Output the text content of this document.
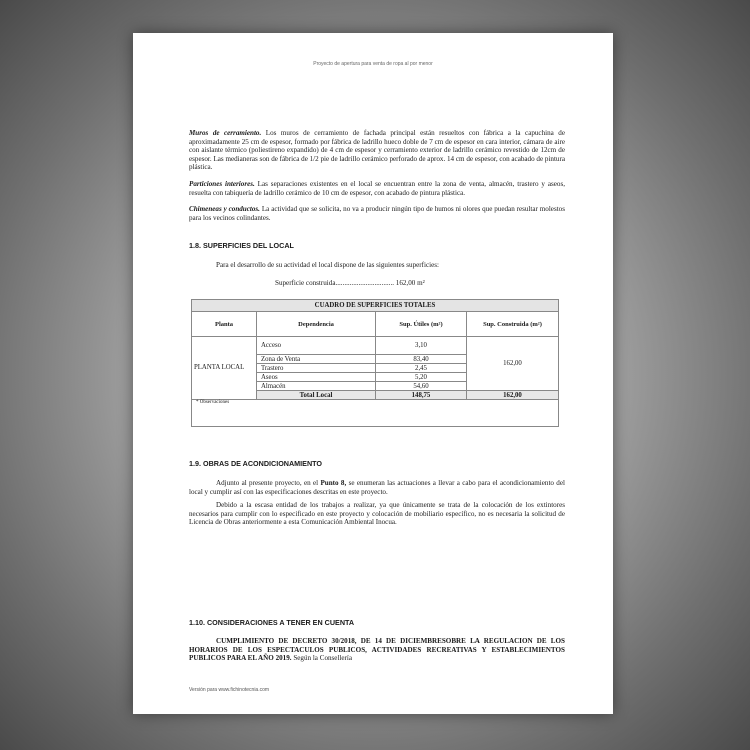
Proyecto de apertura para venta de ropa al por menor

Muros de cerramiento. Los muros de cerramiento de fachada principal están resueltos con fábrica a la capuchina de aproximadamente 25 cm de espesor, formado por fábrica de ladrillo hueco doble de 7 cm de espesor en cara interior, cámara de aire con aislante térmico (poliestireno expandido) de 4 cm de espesor y cerramiento exterior de ladrillo cerámico revestido de 12cm de espesor. Las medianeras son de fábrica de 1/2 pie de ladrillo cerámico perforado de aprox. 14 cm de espesor, con acabado de pintura plástica.

Particiones interiores. Las separaciones existentes en el local se encuentran entre la zona de venta, almacén, trastero y aseos, resuelta con tabiquería de ladrillo cerámico de 10 cm de espesor, con acabado de pintura plástica.

Chimeneas y conductos. La actividad que se solicita, no va a producir ningún tipo de humos ni olores que puedan resultar molestos para los vecinos colindantes.

1.8. SUPERFICIES DEL LOCAL
Para el desarrollo de su actividad el local dispone de las siguientes superficies:
Superficie construida................................. 162,00 m²
CUADRO DE SUPERFICIES TOTALES			
Planta	Dependencia	Sup. Útiles (m²)	Sup. Construida (m²)
PLANTA LOCAL	Acceso	3,10	162,00
	Zona de Venta	83,40	
	Trastero	2,45	
	Aseos	5,20	
	Almacén	54,60	
	Total Local	148,75	162,00
* Observaciones			
1.9. OBRAS DE ACONDICIONAMIENTO

Adjunto al presente proyecto, en el Punto 8, se enumeran las actuaciones a llevar a cabo para el acondicionamiento del local y cumplir así con las especificaciones descritas en este proyecto.

Debido a la escasa entidad de los trabajos a realizar, ya que únicamente se trata de la colocación de los extintores necesarios para cumplir con lo especificado en este proyecto y colocación de mobiliario específico, no es necesaria la solicitud de Licencia de Obras anteriormente a esta Comunicación Ambiental Inocua.

1.10. CONSIDERACIONES A TENER EN CUENTA

CUMPLIMIENTO DE DECRETO 30/2018, DE 14 DE DICIEMBRESOBRE LA REGULACION DE LOS HORARIOS DE LOS ESPECTACULOS PUBLICOS, ACTIVIDADES RECREATIVAS Y ESTABLECIMIENTOS PUBLICOS PARA EL AÑO 2019. Según la Consellería

Versión para www.fichinotecnia.com
